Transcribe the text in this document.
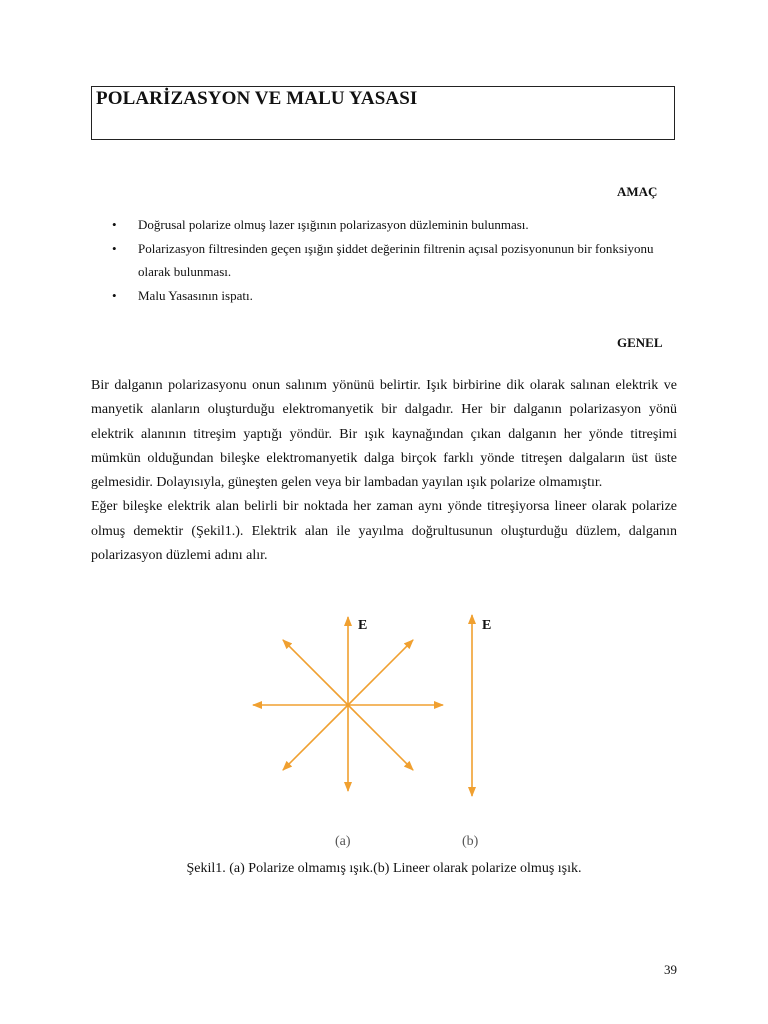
POLARİZASYON VE MALU YASASI
AMAÇ
• Doğrusal polarize olmuş lazer ışığının polarizasyon düzleminin bulunması.
• Polarizasyon filtresinden geçen ışığın şiddet değerinin filtrenin açısal pozisyonunun bir fonksiyonu olarak bulunması.
• Malu Yasasının ispatı.
GENEL

Bir dalganın polarizasyonu onun salınım yönünü belirtir. Işık birbirine dik olarak salınan elektrik ve manyetik alanların oluşturduğu elektromanyetik bir dalgadır. Her bir dalganın polarizasyon yönü elektrik alanının titreşim yaptığı yöndür. Bir ışık kaynağından çıkan dalganın her yönde titreşimi mümkün olduğundan bileşke elektromanyetik dalga birçok farklı yönde titreşen dalgaların üst üste gelmesidir. Dolayısıyla, güneşten gelen veya bir lambadan yayılan ışık polarize olmamıştır.

Eğer bileşke elektrik alan belirli bir noktada her zaman aynı yönde titreşiyorsa lineer olarak polarize olmuş demektir (Şekil1.). Elektrik alan ile yayılma doğrultusunun oluşturduğu düzlem, dalganın polarizasyon düzlemi adını alır.

E	E
(a)	(b)
Şekil1. (a) Polarize olmamış ışık.(b) Lineer olarak polarize olmuş ışık.
39
